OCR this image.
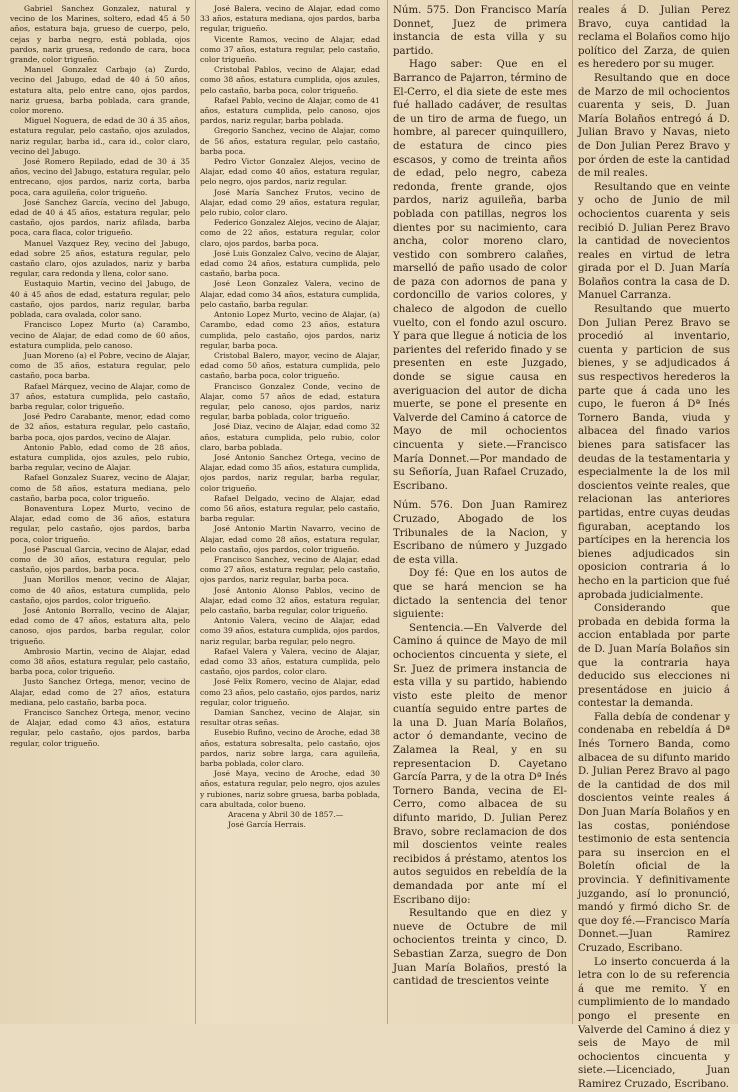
Gabriel Sanchez Gonzalez, natural y vecino de los Marines, soltero, edad 45 á 50 años, estatura baja, grueso de cuerpo, pelo, cejas y barba negro, está poblada, ojos pardos, nariz gruesa, redondo de cara, boca grande, color trigueño.

Manuel Gonzalez Carbajo (a) Zurdo, vecino del Jabugo, edad de 40 á 50 años, estatura alta, pelo entre cano, ojos pardos, nariz gruesa, barba poblada, cara grande, color moreno.

Miguel Noguera, de edad de 30 á 35 años, estatura regular, pelo castaño, ojos azulados, nariz regular, barba id., cara id., color claro, vecino del Jabugo.

José Romero Repilado, edad de 30 á 35 años, vecino del Jabugo, estatura regular, pelo entrecano, ojos pardos, nariz corta, barba poca, cara aguileña, color trigueño.

José Sanchez García, vecino del Jabugo, edad de 40 á 45 años, estatura regular, pelo castaño, ojos pardos, nariz afilada, barba poca, cara flaca, color trigueño.

Manuel Vazquez Rey, vecino del Jabugo, edad sobre 25 años, estatura regular, pelo castaño claro, ojos azulados, nariz y barba regular, cara redonda y llena, color sano.

Eustaquio Martin, vecino del Jabugo, de 40 á 45 años de edad, estatura regular, pelo castaño, ojos pardos, nariz regular, barba poblada, cara ovalada, color sano.

Francisco Lopez Murto (a) Carambo, vecino de Alajar, de edad como de 60 años, estatura cumplida, pelo canoso.

Juan Moreno (a) el Pobre, vecino de Alajar, como de 35 años, estatura regular, pelo castaño, poca barba.

Rafael Márquez, vecino de Alajar, como de 37 años, estatura cumplida, pelo castaño, barba regular, color trigueño.

José Pedro Carabante, menor, edad como de 32 años, estatura regular, pelo castaño, barba poca, ojos pardos, vecino de Alajar.

Antonio Pablo, edad como de 28 años, estatura cumplida, ojos azules, pelo rubio, barba regular, vecino de Alajar.

Rafael Gonzalez Suarez, vecino de Alajar, como de 58 años, estatura mediana, pelo castaño, barba poca, color trigueño.

Bonaventura Lopez Murto, vecino de Alajar, edad como de 36 años, estatura regular, pelo castaño, ojos pardos, barba poca, color trigueño.

José Pascual Garcia, vecino de Alajar, edad como de 30 años, estatura regular, pelo castaño, ojos pardos, barba poca.

Juan Morillos menor, vecino de Alajar, como de 40 años, estatura cumplida, pelo castaño, ojos pardos, color trigueño.

José Antonio Borrallo, vecino de Alajar, edad como de 47 años, estatura alta, pelo canoso, ojos pardos, barba regular, color trigueño.

Ambrosio Martin, vecino de Alajar, edad como 38 años, estatura regular, pelo castaño, barba poca, color trigueño.

Justo Sanchez Ortega, menor, vecino de Alajar, edad como de 27 años, estatura mediana, pelo castaño, barba poca.

Francisco Sanchez Ortega, menor, vecino de Alajar, edad como 43 años, estatura regular, pelo castaño, ojos pardos, barba regular, color trigueño.

José Balera, vecino de Alajar, edad como 33 años, estatura mediana, ojos pardos, barba regular, trigueño.

Vicente Ramos, vecino de Alajar, edad como 37 años, estatura regular, pelo castaño, color trigueño.

Cristobal Pablos, vecino de Alajar, edad como 38 años, estatura cumplida, ojos azules, pelo castaño, barba poca, color trigueño.

Rafael Pablo, vecino de Alajar, como de 41 años, estatura cumplida, pelo canoso, ojos pardos, nariz regular, barba poblada.

Gregorio Sanchez, vecino de Alajar, como de 56 años, estatura regular, pelo castaño, barba poca.

Pedro Victor Gonzalez Alejos, vecino de Alajar, edad como 40 años, estatura regular, pelo negro, ojos pardos, nariz regular.

José María Sanchez Frutos, vecino de Alajar, edad como 29 años, estatura regular, pelo rubio, color claro.

Federico Gonzalez Alejos, vecino de Alajar, como de 22 años, estatura regular, color claro, ojos pardos, barba poca.

José Luis Gonzalez Calvo, vecino de Alajar, edad como 24 años, estatura cumplida, pelo castaño, barba poca.

José Leon Gonzalez Valera, vecino de Alajar, edad como 34 años, estatura cumplida, pelo castaño, barba regular.

Antonio Lopez Murto, vecino de Alajar, (a) Carambo, edad como 23 años, estatura cumplida, pelo castaño, ojos pardos, nariz regular, barba poca.

Cristobal Balero, mayor, vecino de Alajar, edad como 50 años, estatura cumplida, pelo castaño, barba poca, color trigueño.

Francisco Gonzalez Conde, vecino de Alajar, como 57 años de edad, estatura regular, pelo canoso, ojos pardos, nariz regular, barba poblada, color trigueño.

José Diaz, vecino de Alajar, edad como 32 años, estatura cumplida, pelo rubio, color claro, barba poblada.

José Antonio Sanchez Ortega, vecino de Alajar, edad como 35 años, estatura cumplida, ojos pardos, nariz regular, barba regular, color trigueño.

Rafael Delgado, vecino de Alajar, edad como 56 años, estatura regular, pelo castaño, barba regular.

José Antonio Martin Navarro, vecino de Alajar, edad como 28 años, estatura regular, pelo castaño, ojos pardos, color trigueño.

Francisco Sanchez, vecino de Alajar, edad como 27 años, estatura regular, pelo castaño, ojos pardos, nariz regular, barba poca.

José Antonio Alonso Pablos, vecino de Alajar, edad como 32 años, estatura regular, pelo castaño, barba regular, color trigueño.

Antonio Valera, vecino de Alajar, edad como 39 años, estatura cumplida, ojos pardos, nariz regular, barba regular, pelo negro.

Rafael Valera y Valera, vecino de Alajar, edad como 33 años, estatura cumplida, pelo castaño, ojos pardos, color claro.

José Felix Romero, vecino de Alajar, edad como 23 años, pelo castaño, ojos pardos, nariz regular, color trigueño.

Damian Sanchez, vecino de Alajar, sin resultar otras señas.

Eusebio Rufino, vecino de Aroche, edad 38 años, estatura sobresalta, pelo castaño, ojos pardos, nariz sobre larga, cara aguileña, barba poblada, color claro.

José Maya, vecino de Aroche, edad 30 años, estatura regular, pelo negro, ojos azules y rubiones, nariz sobre gruesa, barba poblada, cara abultada, color bueno.

Aracena y Abril 30 de 1857.—

José García Herrais.

Núm. 575. Don Francisco María Donnet, Juez de primera instancia de esta villa y su partido.

Hago saber: Que en el Barranco de Pajarron, término de El-Cerro, el dia siete de este mes fué hallado cadáver, de resultas de un tiro de arma de fuego, un hombre, al parecer quinquillero, de estatura de cinco pies escasos, y como de treinta años de edad, pelo negro, cabeza redonda, frente grande, ojos pardos, nariz aguileña, barba poblada con patillas, negros los dientes por su nacimiento, cara ancha, color moreno claro, vestido con sombrero calañes, marselló de paño usado de color de paza con adornos de pana y cordoncillo de varios colores, y chaleco de algodon de cuello vuelto, con el fondo azul oscuro. Y para que llegue á noticia de los parientes del referido finado y se presenten en este Juzgado, donde se sigue causa en averiguacion del autor de dicha muerte, se pone el presente en Valverde del Camino á catorce de Mayo de mil ochocientos cincuenta y siete.—Francisco María Donnet.—Por mandado de su Señoría, Juan Rafael Cruzado, Escribano.

Núm. 576. Don Juan Ramirez Cruzado, Abogado de los Tribunales de la Nacion, y Escribano de número y Juzgado de esta villa.

Doy fé: Que en los autos de que se hará mencion se ha dictado la sentencia del tenor siguiente:

Sentencia.—En Valverde del Camino á quince de Mayo de mil ochocientos cincuenta y siete, el Sr. Juez de primera instancia de esta villa y su partido, habiendo visto este pleito de menor cuantía seguido entre partes de la una D. Juan María Bolaños, actor ó demandante, vecino de Zalamea la Real, y en su representacion D. Cayetano García Parra, y de la otra Dª Inés Tornero Banda, vecina de El-Cerro, como albacea de su difunto marido, D. Julian Perez Bravo, sobre reclamacion de dos mil doscientos veinte reales recibidos á préstamo, atentos los autos seguidos en rebeldía de la demandada por ante mí el Escribano dijo:

Resultando que en diez y nueve de Octubre de mil ochocientos treinta y cinco, D. Sebastian Zarza, suegro de Don Juan María Bolaños, prestó la cantidad de trescientos veinte

reales á D. Julian Perez Bravo, cuya cantidad la reclama el Bolaños como hijo político del Zarza, de quien es heredero por su muger.

Resultando que en doce de Marzo de mil ochocientos cuarenta y seis, D. Juan María Bolaños entregó á D. Julian Bravo y Navas, nieto de Don Julian Perez Bravo y por órden de este la cantidad de mil reales.

Resultando que en veinte y ocho de Junio de mil ochocientos cuarenta y seis recibió D. Julian Perez Bravo la cantidad de novecientos reales en virtud de letra girada por el D. Juan María Bolaños contra la casa de D. Manuel Carranza.

Resultando que muerto Don Julian Perez Bravo se procedió al inventario, cuenta y particion de sus bienes, y se adjudicados á sus respectivos herederos la parte que á cada uno les cupo, le fueron á Dª Inés Tornero Banda, viuda y albacea del finado varios bienes para satisfacer las deudas de la testamentaria y especialmente la de los mil doscientos veinte reales, que relacionan las anteriores partidas, entre cuyas deudas figuraban, aceptando los partícipes en la herencia los bienes adjudicados sin oposicion contraria á lo hecho en la particion que fué aprobada judicialmente.

Considerando que probada en debida forma la accion entablada por parte de D. Juan María Bolaños sin que la contraria haya deducido sus elecciones ni presentádose en juicio á contestar la demanda.

Falla debía de condenar y condenaba en rebeldía á Dª Inés Tornero Banda, como albacea de su difunto marido D. Julian Perez Bravo al pago de la cantidad de dos mil doscientos veinte reales á Don Juan María Bolaños y en las costas, poniéndose testimonio de esta sentencia para su insercion en el Boletín oficial de la provincia. Y definitivamente juzgando, así lo pronunció, mandó y firmó dicho Sr. de que doy fé.—Francisco María Donnet.—Juan Ramirez Cruzado, Escribano.

Lo inserto concuerda á la letra con lo de su referencia á que me remito. Y en cumplimiento de lo mandado pongo el presente en Valverde del Camino á diez y seis de Mayo de mil ochocientos cincuenta y siete.—Licenciado, Juan Ramirez Cruzado, Escribano.
